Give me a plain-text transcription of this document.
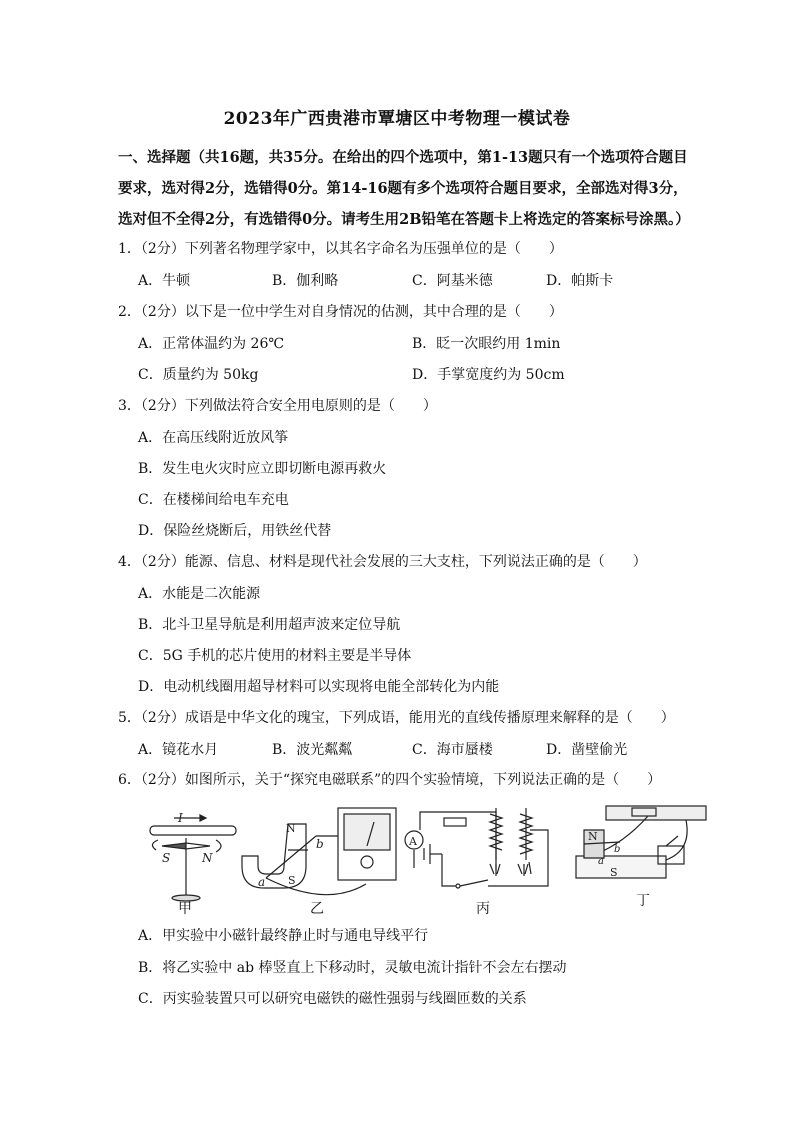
2023年广西贵港市覃塘区中考物理一模试卷
一、选择题（共16题，共35分。在给出的四个选项中，第1-13题只有一个选项符合题目
要求，选对得2分，选错得0分。第14-16题有多个选项符合题目要求，全部选对得3分，
选对但不全得2分，有选错得0分。请考生用2B铅笔在答题卡上将选定的答案标号涂黑。）
1．（2分）下列著名物理学家中，以其名字命名为压强单位的是（　　）
A．牛顿	B．伽利略	C．阿基米德	D．帕斯卡
2．（2分）以下是一位中学生对自身情况的估测，其中合理的是（　　）
A．正常体温约为 26℃	B．眨一次眼约用 1min
C．质量约为 50kg	D．手掌宽度约为 50cm
3．（2分）下列做法符合安全用电原则的是（　　）
A．在高压线附近放风筝
B．发生电火灾时应立即切断电源再救火
C．在楼梯间给电车充电
D．保险丝烧断后，用铁丝代替
4．（2分）能源、信息、材料是现代社会发展的三大支柱，下列说法正确的是（　　）
A．水能是二次能源
B．北斗卫星导航是利用超声波来定位导航
C．5G 手机的芯片使用的材料主要是半导体
D．电动机线圈用超导材料可以实现将电能全部转化为内能
5．（2分）成语是中华文化的瑰宝，下列成语，能用光的直线传播原理来解释的是（　　）
A．镜花水月	B．波光粼粼	C．海市蜃楼	D．凿壁偷光
6．（2分）如图所示，关于“探究电磁联系”的四个实验情境，下列说法正确的是（　　）
I
S	N
N
S
a
b	A	N
S
a
b
甲	乙	丙	丁
A．甲实验中小磁针最终静止时与通电导线平行
B．将乙实验中 ab 棒竖直上下移动时，灵敏电流计指针不会左右摆动
C．丙实验装置只可以研究电磁铁的磁性强弱与线圈匝数的关系
